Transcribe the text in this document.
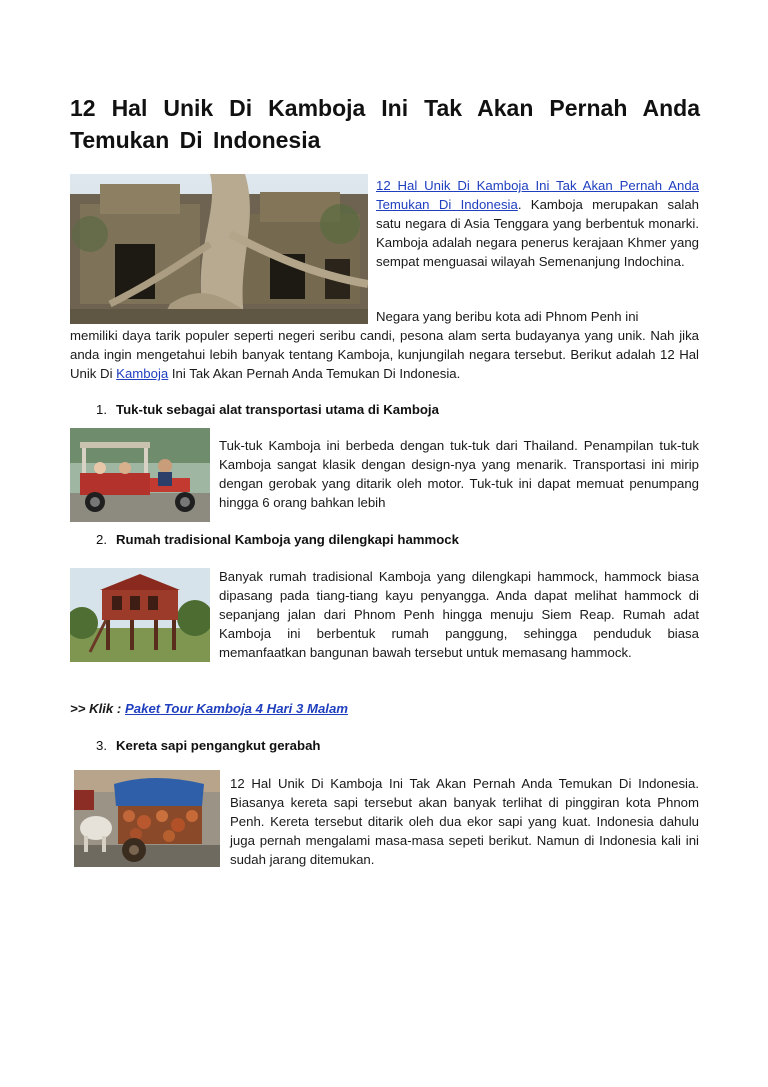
12 Hal Unik Di Kamboja Ini Tak Akan Pernah Anda Temukan Di Indonesia

12 Hal Unik Di Kamboja Ini Tak Akan Pernah Anda Temukan Di Indonesia. Kamboja merupakan salah satu negara di Asia Tenggara yang berbentuk monarki. Kamboja adalah negara penerus kerajaan Khmer yang sempat menguasai wilayah Semenanjung Indochina.

Negara yang beribu kota adi Phnom Penh ini

memiliki daya tarik populer seperti negeri seribu candi, pesona alam serta budayanya yang unik. Nah jika anda ingin mengetahui lebih banyak tentang Kamboja, kunjungilah negara tersebut. Berikut adalah 12 Hal Unik Di Kamboja Ini Tak Akan Pernah Anda Temukan Di Indonesia.

1. Tuk-tuk sebagai alat transportasi utama di Kamboja
Tuk-tuk Kamboja ini berbeda dengan tuk-tuk dari Thailand. Penampilan tuk-tuk Kamboja sangat klasik dengan design-nya yang menarik. Transportasi ini mirip dengan gerobak yang ditarik oleh motor. Tuk-tuk ini dapat memuat penumpang hingga 6 orang bahkan lebih
2. Rumah tradisional Kamboja yang dilengkapi hammock
Banyak rumah tradisional Kamboja yang dilengkapi hammock, hammock biasa dipasang pada tiang-tiang kayu penyangga. Anda dapat melihat hammock di sepanjang jalan dari Phnom Penh hingga menuju Siem Reap. Rumah adat Kamboja ini berbentuk rumah panggung, sehingga penduduk biasa memanfaatkan bangunan bawah tersebut untuk memasang hammock.
>> Klik : Paket Tour Kamboja 4 Hari 3 Malam
3. Kereta sapi pengangkut gerabah
12 Hal Unik Di Kamboja Ini Tak Akan Pernah Anda Temukan Di Indonesia. Biasanya kereta sapi tersebut akan banyak terlihat di pinggiran kota Phnom Penh. Kereta tersebut ditarik oleh dua ekor sapi yang kuat. Indonesia dahulu juga pernah mengalami masa-masa sepeti berikut. Namun di Indonesia kali ini sudah jarang ditemukan.
